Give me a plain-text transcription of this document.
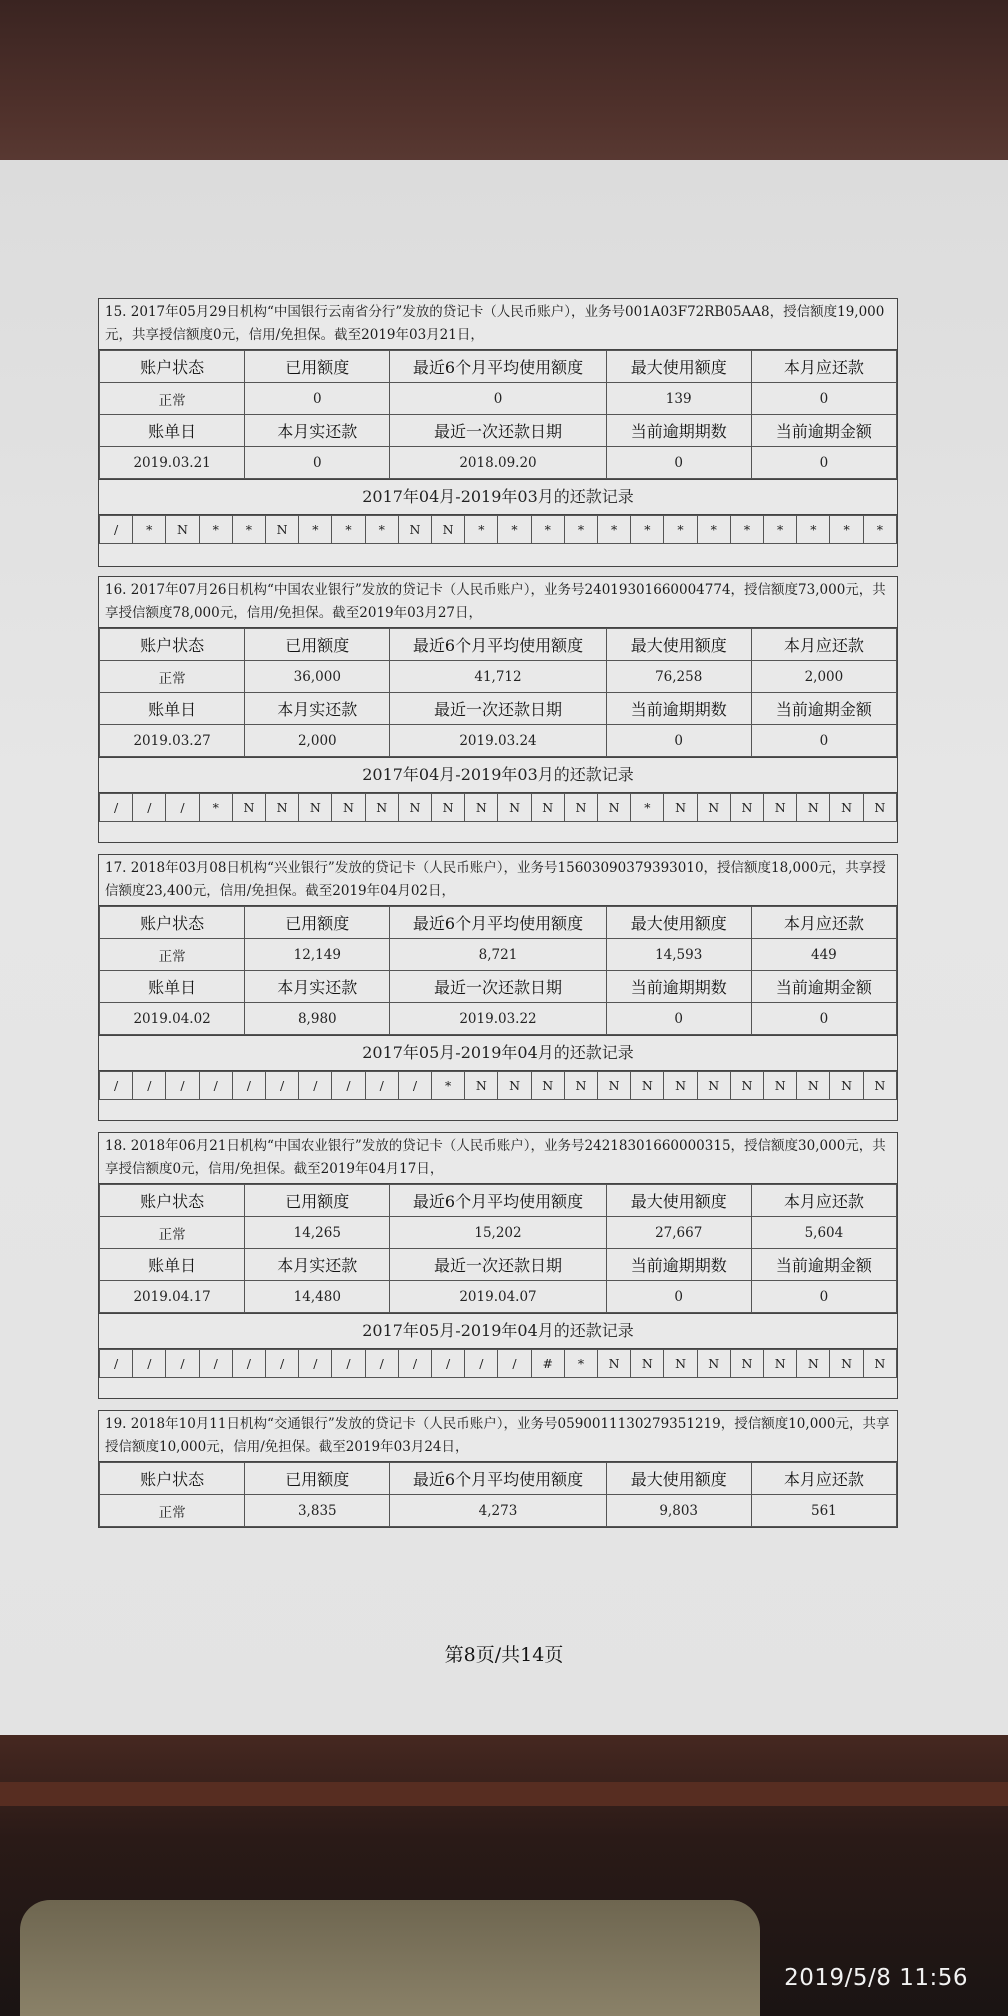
15. 2017年05月29日机构“中国银行云南省分行”发放的贷记卡（人民币账户），业务号001A03F72RB05AA8，授信额度19,000元，共享授信额度0元，信用/免担保。截至2019年03月21日，
账户状态	已用额度	最近6个月平均使用额度	最大使用额度	本月应还款
正常	0	0	139	0
账单日	本月实还款	最近一次还款日期	当前逾期期数	当前逾期金额
2019.03.21	0	2018.09.20	0	0
2017年04月-2019年03月的还款记录
/	*	N	*	*	N	*	*	*	N	N	*	*	*	*	*	*	*	*	*	*	*	*	*
16. 2017年07月26日机构“中国农业银行”发放的贷记卡（人民币账户），业务号24019301660004774，授信额度73,000元，共享授信额度78,000元，信用/免担保。截至2019年03月27日，
账户状态	已用额度	最近6个月平均使用额度	最大使用额度	本月应还款
正常	36,000	41,712	76,258	2,000
账单日	本月实还款	最近一次还款日期	当前逾期期数	当前逾期金额
2019.03.27	2,000	2019.03.24	0	0
2017年04月-2019年03月的还款记录
/	/	/	*	N	N	N	N	N	N	N	N	N	N	N	N	*	N	N	N	N	N	N	N
17. 2018年03月08日机构“兴业银行”发放的贷记卡（人民币账户），业务号15603090379393010，授信额度18,000元，共享授信额度23,400元，信用/免担保。截至2019年04月02日，
账户状态	已用额度	最近6个月平均使用额度	最大使用额度	本月应还款
正常	12,149	8,721	14,593	449
账单日	本月实还款	最近一次还款日期	当前逾期期数	当前逾期金额
2019.04.02	8,980	2019.03.22	0	0
2017年05月-2019年04月的还款记录
/	/	/	/	/	/	/	/	/	/	*	N	N	N	N	N	N	N	N	N	N	N	N	N
18. 2018年06月21日机构“中国农业银行”发放的贷记卡（人民币账户），业务号24218301660000315，授信额度30,000元，共享授信额度0元，信用/免担保。截至2019年04月17日，
账户状态	已用额度	最近6个月平均使用额度	最大使用额度	本月应还款
正常	14,265	15,202	27,667	5,604
账单日	本月实还款	最近一次还款日期	当前逾期期数	当前逾期金额
2019.04.17	14,480	2019.04.07	0	0
2017年05月-2019年04月的还款记录
/	/	/	/	/	/	/	/	/	/	/	/	/	#	*	N	N	N	N	N	N	N	N	N
19. 2018年10月11日机构“交通银行”发放的贷记卡（人民币账户），业务号0590011130279351219，授信额度10,000元，共享授信额度10,000元，信用/免担保。截至2019年03月24日，
账户状态	已用额度	最近6个月平均使用额度	最大使用额度	本月应还款
正常	3,835	4,273	9,803	561
第8页/共14页
2019/5/8 11:56
